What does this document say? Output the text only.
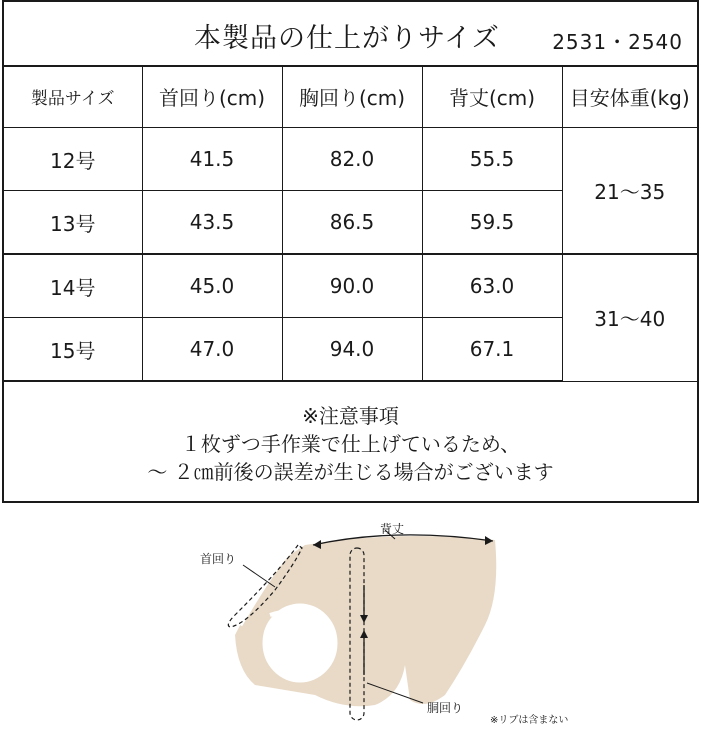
本製品の仕上がりサイズ	2531・2540
製品サイズ	首回り(cm)	胸回り(cm)	背丈(cm)	目安体重(kg)
12号	41.5	82.0	55.5	21～35
13号	43.5	86.5	59.5	
14号	45.0	90.0	63.0	31～40
15号	47.0	94.0	67.1	
※注意事項
１枚ずつ手作業で仕上げているため、
～ ２㎝前後の誤差が生じる場合がございます
首回り
背丈
胴回り
※リブは含まない
